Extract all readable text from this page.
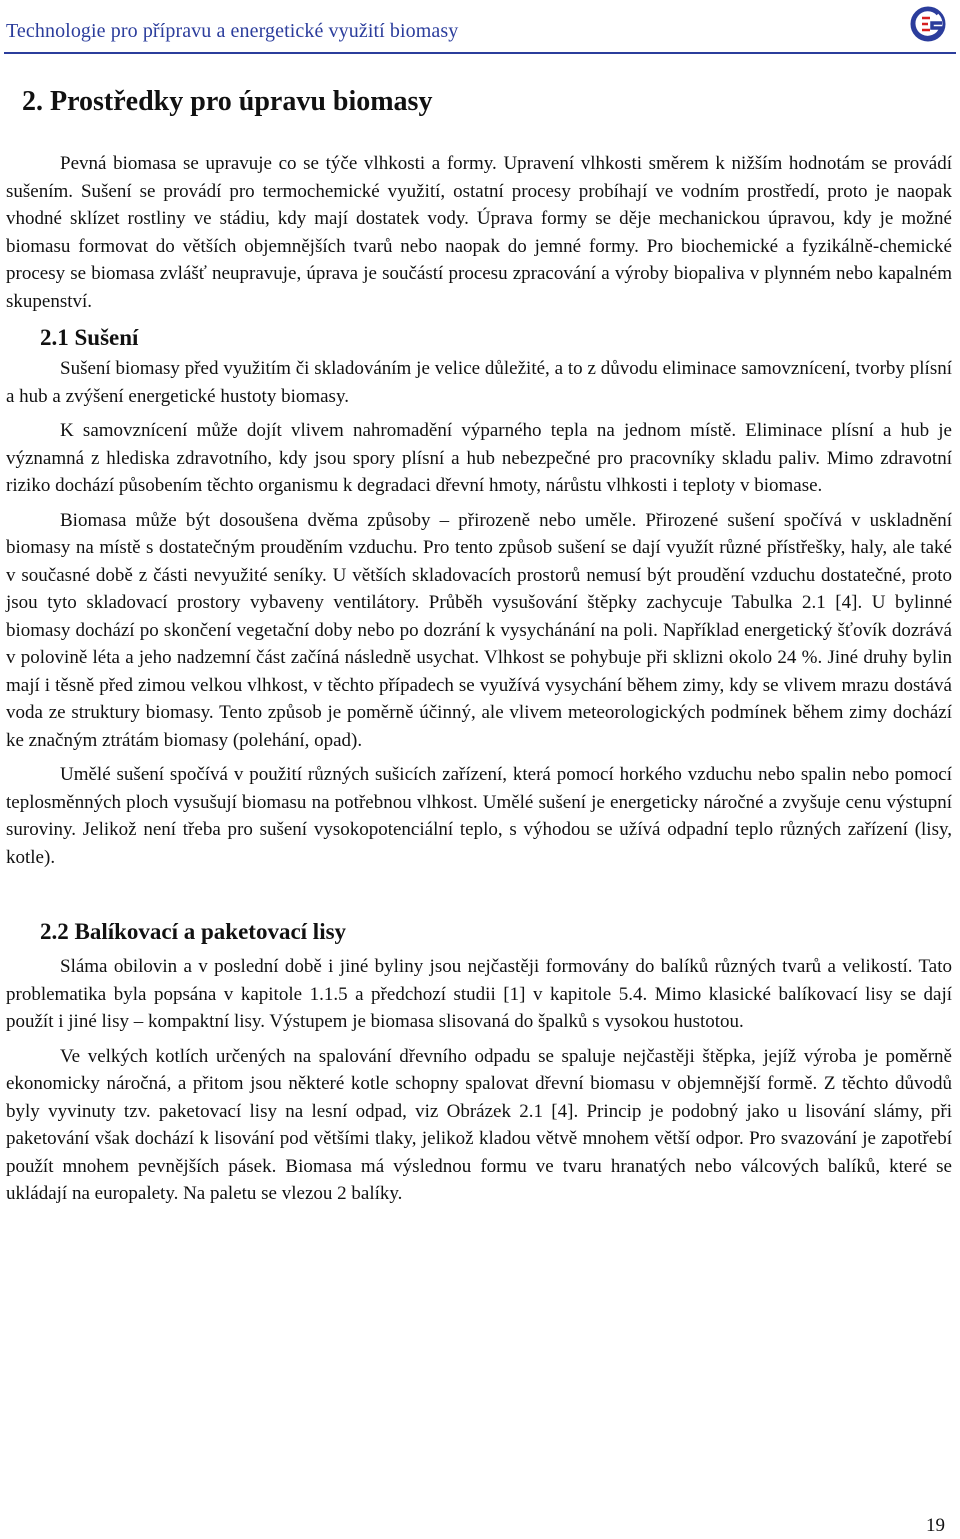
Technologie pro přípravu a energetické využití biomasy
2. Prostředky pro úpravu biomasy

Pevná biomasa se upravuje co se týče vlhkosti a formy. Upravení vlhkosti směrem k nižším hodnotám se provádí sušením. Sušení se provádí pro termochemické využití, ostatní procesy probíhají ve vodním prostředí, proto je naopak vhodné sklízet rostliny ve stádiu, kdy mají dostatek vody. Úprava formy se děje mechanickou úpravou, kdy je možné biomasu formovat do větších objemnějších tvarů nebo naopak do jemné formy. Pro biochemické a fyzikálně-chemické procesy se biomasa zvlášť neupravuje, úprava je součástí procesu zpracování a výroby biopaliva v plynném nebo kapalném skupenství.

2.1 Sušení

Sušení biomasy před využitím či skladováním je velice důležité, a to z důvodu eliminace samovznícení, tvorby plísní a hub a zvýšení energetické hustoty biomasy.

K samovznícení může dojít vlivem nahromadění výparného tepla na jednom místě. Eliminace plísní a hub je významná z hlediska zdravotního, kdy jsou spory plísní a hub nebezpečné pro pracovníky skladu paliv. Mimo zdravotní riziko dochází působením těchto organismu k degradaci dřevní hmoty, nárůstu vlhkosti i teploty v biomase.

Biomasa může být dosoušena dvěma způsoby – přirozeně nebo uměle. Přirozené sušení spočívá v uskladnění biomasy na místě s dostatečným prouděním vzduchu. Pro tento způsob sušení se dají využít různé přístřešky, haly, ale také v současné době z části nevyužité seníky. U větších skladovacích prostorů nemusí být proudění vzduchu dostatečné, proto jsou tyto skladovací prostory vybaveny ventilátory. Průběh vysušování štěpky zachycuje Tabulka 2.1 [4]. U bylinné biomasy dochází po skončení vegetační doby nebo po dozrání k vysychánání na poli. Například energetický šťovík dozrává v polovině léta a jeho nadzemní část začíná následně usychat. Vlhkost se pohybuje při sklizni okolo 24 %. Jiné druhy bylin mají i těsně před zimou velkou vlhkost, v těchto případech se využívá vysychání během zimy, kdy se vlivem mrazu dostává voda ze struktury biomasy. Tento způsob je poměrně účinný, ale vlivem meteorologických podmínek během zimy dochází ke značným ztrátám biomasy (polehání, opad).

Umělé sušení spočívá v použití různých sušicích zařízení, která pomocí horkého vzduchu nebo spalin nebo pomocí teplosměnných ploch vysušují biomasu na potřebnou vlhkost. Umělé sušení je energeticky náročné a zvyšuje cenu výstupní suroviny. Jelikož není třeba pro sušení vysokopotenciální teplo, s výhodou se užívá odpadní teplo různých zařízení (lisy, kotle).

2.2 Balíkovací a paketovací lisy

Sláma obilovin a v poslední době i jiné byliny jsou nejčastěji formovány do balíků různých tvarů a velikostí. Tato problematika byla popsána v kapitole 1.1.5 a předchozí studii [1] v kapitole 5.4. Mimo klasické balíkovací lisy se dají použít i jiné lisy – kompaktní lisy. Výstupem je biomasa slisovaná do špalků s vysokou hustotou.

Ve velkých kotlích určených na spalování dřevního odpadu se spaluje nejčastěji štěpka, jejíž výroba je poměrně ekonomicky náročná, a přitom jsou některé kotle schopny spalovat dřevní biomasu v objemnější formě. Z těchto důvodů byly vyvinuty tzv. paketovací lisy na lesní odpad, viz Obrázek 2.1 [4]. Princip je podobný jako u lisování slámy, při paketování však dochází k lisování pod většími tlaky, jelikož kladou větvě mnohem větší odpor. Pro svazování je zapotřebí použít mnohem pevnějších pásek. Biomasa má výslednou formu ve tvaru hranatých nebo válcových balíků, které se ukládají na europalety. Na paletu se vlezou 2 balíky.

19
